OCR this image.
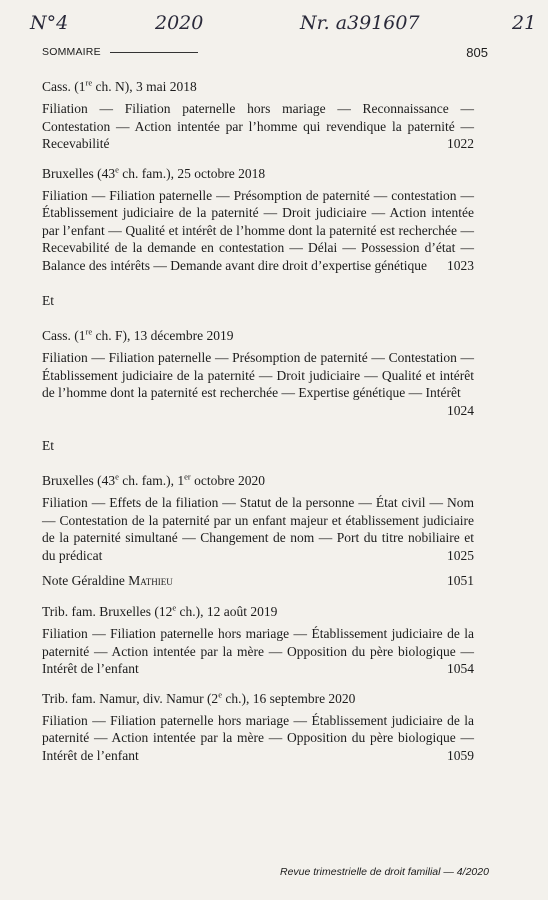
N°4	2020	Nr. a391607	21
SOMMAIRE	805
Cass. (1re ch. N), 3 mai 2018
Filiation — Filiation paternelle hors mariage — Reconnaissance — Contestation — Action intentée par l’homme qui revendique la paternité — Recevabilité	1022
Bruxelles (43e ch. fam.), 25 octobre 2018
Filiation — Filiation paternelle — Présomption de paternité — contestation — Établissement judiciaire de la paternité — Droit judiciaire — Action intentée par l’enfant — Qualité et intérêt de l’homme dont la paternité est recherchée — Recevabilité de la demande en contestation — Délai — Possession d’état — Balance des intérêts — Demande avant dire droit d’expertise génétique	1023
Et
Cass. (1re ch. F), 13 décembre 2019
Filiation — Filiation paternelle — Présomption de paternité — Contestation — Établissement judiciaire de la paternité — Droit judiciaire — Qualité et intérêt de l’homme dont la paternité est recherchée — Expertise génétique — Intérêt
1024
Et
Bruxelles (43e ch. fam.), 1er octobre 2020
Filiation — Effets de la filiation — Statut de la personne — État civil — Nom — Contestation de la paternité par un enfant majeur et établissement judiciaire de la paternité simultané — Changement de nom — Port du titre nobiliaire et du prédicat	1025
Note Géraldine Mathieu	1051
Trib. fam. Bruxelles (12e ch.), 12 août 2019
Filiation — Filiation paternelle hors mariage — Établissement judiciaire de la paternité — Action intentée par la mère — Opposition du père biologique — Intérêt de l’enfant	1054
Trib. fam. Namur, div. Namur (2e ch.), 16 septembre 2020
Filiation — Filiation paternelle hors mariage — Établissement judiciaire de la paternité — Action intentée par la mère — Opposition du père biologique — Intérêt de l’enfant	1059
Revue trimestrielle de droit familial — 4/2020
